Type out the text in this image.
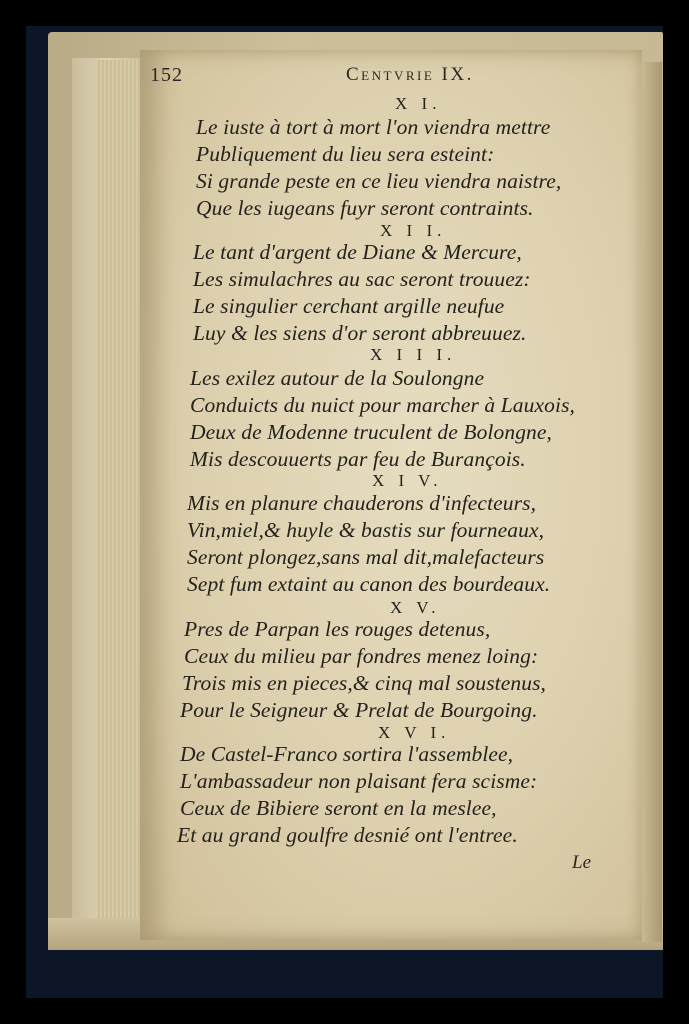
152	Centvrie IX.
X I.
Le iuste à tort à mort l'on viendra mettre
Publiquement du lieu sera esteint:
Si grande peste en ce lieu viendra naistre,
Que les iugeans fuyr seront contraints.
X I I.
Le tant d'argent de Diane & Mercure,
Les simulachres au sac seront trouuez:
Le singulier cerchant argille neufue
Luy & les siens d'or seront abbreuuez.
X I I I.
Les exilez autour de la Soulongne
Conduicts du nuict pour marcher à Lauxois,
Deux de Modenne truculent de Bolongne,
Mis descouuerts par feu de Burançois.
X I V.
Mis en planure chauderons d'infecteurs,
Vin,miel,& huyle & bastis sur fourneaux,
Seront plongez,sans mal dit,malefacteurs
Sept fum extaint au canon des bourdeaux.
X V.
Pres de Parpan les rouges detenus,
Ceux du milieu par fondres menez loing:
Trois mis en pieces,& cinq mal soustenus,
Pour le Seigneur & Prelat de Bourgoing.
X V I.
De Castel-Franco sortira l'assemblee,
L'ambassadeur non plaisant fera scisme:
Ceux de Bibiere seront en la meslee,
Et au grand goulfre desnié ont l'entree.
Le
